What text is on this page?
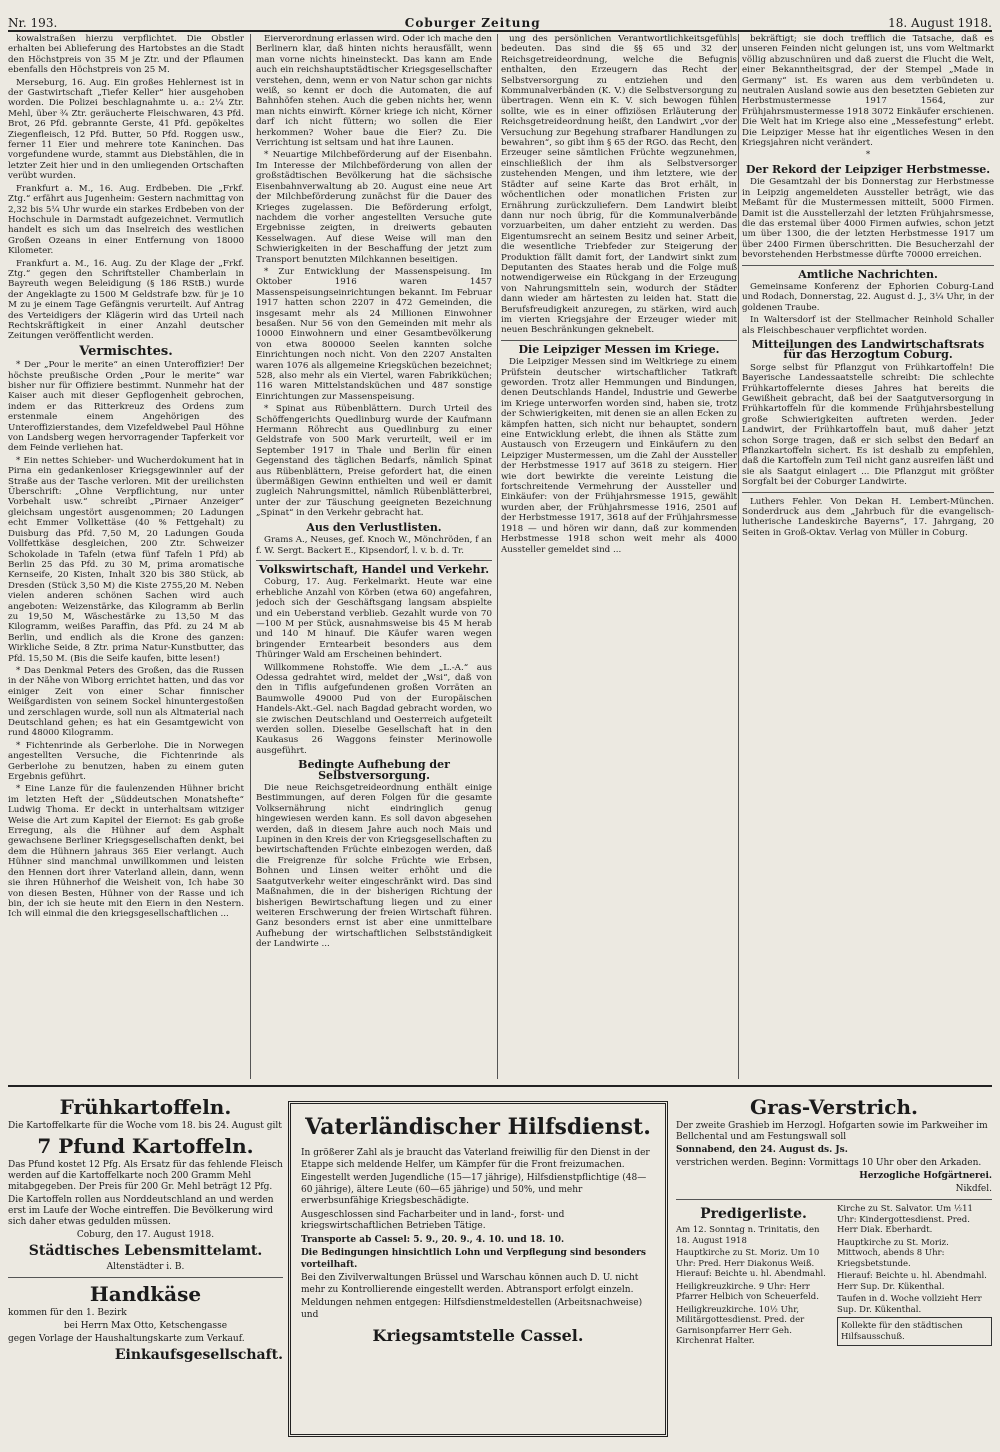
Nr. 193.	Coburger Zeitung	18. August 1918.

kowalstraßen hierzu verpflichtet. Die Obstler erhalten bei Ablieferung des Hartobstes an die Stadt den Höchstpreis von 35 M je Ztr. und der Pflaumen ebenfalls den Höchstpreis von 25 M.

Merseburg, 16. Aug. Ein großes Hehlernest ist in der Gastwirtschaft „Tiefer Keller“ hier ausgehoben worden. Die Polizei beschlagnahmte u. a.: 2¼ Ztr. Mehl, über ¾ Ztr. geräucherte Fleischwaren, 43 Pfd. Brot, 26 Pfd. gebrannte Gerste, 41 Pfd. gepökeltes Ziegenfleisch, 12 Pfd. Butter, 50 Pfd. Roggen usw., ferner 11 Eier und mehrere tote Kaninchen. Das vorgefundene wurde, stammt aus Diebstählen, die in letzter Zeit hier und in den umliegenden Ortschaften verübt wurden.

Frankfurt a. M., 16. Aug. Erdbeben. Die „Frkf. Ztg.“ erfährt aus Jugenheim: Gestern nachmittag von 2,32 bis 5¼ Uhr wurde ein starkes Erdbeben von der Hochschule in Darmstadt aufgezeichnet. Vermutlich handelt es sich um das Inselreich des westlichen Großen Ozeans in einer Entfernung von 18000 Kilometer.

Frankfurt a. M., 16. Aug. Zu der Klage der „Frkf. Ztg.“ gegen den Schriftsteller Chamberlain in Bayreuth wegen Beleidigung (§ 186 RStB.) wurde der Angeklagte zu 1500 M Geldstrafe bzw. für je 10 M zu je einem Tage Gefängnis verurteilt. Auf Antrag des Verteidigers der Klägerin wird das Urteil nach Rechtskräftigkeit in einer Anzahl deutscher Zeitungen veröffentlicht werden.

Vermischtes.

* Der „Pour le merite“ an einen Unteroffizier! Der höchste preußische Orden „Pour le merite“ war bisher nur für Offiziere bestimmt. Nunmehr hat der Kaiser auch mit dieser Gepflogenheit gebrochen, indem er das Ritterkreuz des Ordens zum erstenmale einem Angehörigen des Unteroffizierstandes, dem Vizefeldwebel Paul Höhne von Landsberg wegen hervorragender Tapferkeit vor dem Feinde verliehen hat.

* Ein nettes Schieber- und Wucherdokument hat in Pirna ein gedankenloser Kriegsgewinnler auf der Straße aus der Tasche verloren. Mit der ureilichsten Überschrift: „Ohne Verpflichtung, nur unter Vorbehalt usw.“ schreibt „Pirnaer Anzeiger“ gleichsam ungestört ausgenommen; 20 Ladungen echt Emmer Vollkettäse (40 % Fettgehalt) zu Duisburg das Pfd. 7,50 M, 20 Ladungen Gouda Vollfettkäse desgleichen, 200 Ztr. Schweizer Schokolade in Tafeln (etwa fünf Tafeln 1 Pfd) ab Berlin 25 das Pfd. zu 30 M, prima aromatische Kernseife, 20 Kisten, Inhalt 320 bis 380 Stück, ab Dresden (Stück 3,50 M) die Kiste 2755,20 M. Neben vielen anderen schönen Sachen wird auch angeboten: Weizenstärke, das Kilogramm ab Berlin zu 19,50 M, Wäschestärke zu 13,50 M das Kilogramm, weißes Paraffin, das Pfd. zu 24 M ab Berlin, und endlich als die Krone des ganzen: Wirkliche Seide, 8 Ztr. prima Natur-Kunstbutter, das Pfd. 15,50 M. (Bis die Seife kaufen, bitte lesen!)

* Das Denkmal Peters des Großen, das die Russen in der Nähe von Wiborg errichtet hatten, und das vor einiger Zeit von einer Schar finnischer Weißgardisten von seinem Sockel hinuntergestoßen und zerschlagen wurde, soll nun als Altmaterial nach Deutschland gehen; es hat ein Gesamtgewicht von rund 48000 Kilogramm.

* Fichtenrinde als Gerberlohe. Die in Norwegen angestellten Versuche, die Fichtenrinde als Gerberlohe zu benutzen, haben zu einem guten Ergebnis geführt.

* Eine Lanze für die faulenzenden Hühner bricht im letzten Heft der „Süddeutschen Monatshefte“ Ludwig Thoma. Er deckt in unterhaltsam witziger Weise die Art zum Kapitel der Eiernot: Es gab große Erregung, als die Hühner auf dem Asphalt gewachsene Berliner Kriegsgesellschaften denkt, bei dem die Hühnern jahraus 365 Eier verlangt. Auch Hühner sind manchmal unwillkommen und leisten den Hennen dort ihrer Vaterland allein, dann, wenn sie ihren Hühnerhof die Weisheit von, Ich habe 30 von diesen Besten, Hühner von der Rasse und ich bin, der ich sie heute mit den Eiern in den Nestern. Ich will einmal die den kriegsgesellschaftlichen ...

Eierverordnung erlassen wird. Oder ich mache den Berlinern klar, daß hinten nichts herausfällt, wenn man vorne nichts hineinsteckt. Das kann am Ende auch ein reichshauptstädtischer Kriegsgesellschafter verstehen, denn, wenn er von Natur schon gar nichts weiß, so kennt er doch die Automaten, die auf Bahnhöfen stehen. Auch die geben nichts her, wenn man nichts einwirft. Körner kriege ich nicht, Körner darf ich nicht füttern; wo sollen die Eier herkommen? Woher baue die Eier? Zu. Die Verrichtung ist seltsam und hat ihre Launen.

* Neuartige Milchbeförderung auf der Eisenbahn. Im Interesse der Milchbeförderung von allen der großstädtischen Bevölkerung hat die sächsische Eisenbahnverwaltung ab 20. August eine neue Art der Milchbeförderung zunächst für die Dauer des Krieges zugelassen. Die Beförderung erfolgt, nachdem die vorher angestellten Versuche gute Ergebnisse zeigten, in dreiwerts gebauten Kesselwagen. Auf diese Weise will man den Schwierigkeiten in der Beschaffung der jetzt zum Transport benutzten Milchkannen beseitigen.

* Zur Entwicklung der Massenspeisung. Im Oktober 1916 waren 1457 Massenspeisungseinrichtungen bekannt. Im Februar 1917 hatten schon 2207 in 472 Gemeinden, die insgesamt mehr als 24 Millionen Einwohner besaßen. Nur 56 von den Gemeinden mit mehr als 10000 Einwohnern und einer Gesamtbevölkerung von etwa 800000 Seelen kannten solche Einrichtungen noch nicht. Von den 2207 Anstalten waren 1076 als allgemeine Kriegsküchen bezeichnet; 528, also mehr als ein Viertel, waren Fabrikküchen; 116 waren Mittelstandsküchen und 487 sonstige Einrichtungen zur Massenspeisung.

* Spinat aus Rübenblättern. Durch Urteil des Schöffengerichts Quedlinburg wurde der Kaufmann Hermann Röhrecht aus Quedlinburg zu einer Geldstrafe von 500 Mark verurteilt, weil er im September 1917 in Thale und Berlin für einen Gegenstand des täglichen Bedarfs, nämlich Spinat aus Rübenblättern, Preise gefordert hat, die einen übermäßigen Gewinn enthielten und weil er damit zugleich Nahrungsmittel, nämlich Rübenblätterbrei, unter der zur Täuschung geeigneten Bezeichnung „Spinat“ in den Verkehr gebracht hat.

Aus den Verlustlisten.

Grams A., Neuses, gef. Knoch W., Mönchröden, f an f. W. Sergt. Backert E., Kipsendorf, l. v. b. d. Tr.

Volkswirtschaft, Handel und Verkehr.

Coburg, 17. Aug. Ferkelmarkt. Heute war eine erhebliche Anzahl von Körben (etwa 60) angefahren, jedoch sich der Geschäftsgang langsam abspielte und ein Ueberstand verblieb. Gezahlt wurde von 70—100 M per Stück, ausnahmsweise bis 45 M herab und 140 M hinauf. Die Käufer waren wegen bringender Erntearbeit besonders aus dem Thüringer Wald am Erscheinen behindert.

Willkommene Rohstoffe. Wie dem „L.-A.“ aus Odessa gedrahtet wird, meldet der „Wsi“, daß von den in Tiflis aufgefundenen großen Vorräten an Baumwolle 49000 Pud von der Europäischen Handels-Akt.-Gel. nach Bagdad gebracht worden, wo sie zwischen Deutschland und Oesterreich aufgeteilt werden sollen. Dieselbe Gesellschaft hat in den Kaukasus 26 Waggons feinster Merinowolle ausgeführt.

Bedingte Aufhebung der Selbstversorgung.

Die neue Reichsgetreideordnung enthält einige Bestimmungen, auf deren Folgen für die gesamte Volksernährung nicht eindringlich genug hingewiesen werden kann. Es soll davon abgesehen werden, daß in diesem Jahre auch noch Mais und Lupinen in den Kreis der von Kriegsgesellschaften zu bewirtschaftenden Früchte einbezogen werden, daß die Freigrenze für solche Früchte wie Erbsen, Bohnen und Linsen weiter erhöht und die Saatgutverkehr weiter eingeschränkt wird. Das sind Maßnahmen, die in der bisherigen Richtung der bisherigen Bewirtschaftung liegen und zu einer weiteren Erschwerung der freien Wirtschaft führen. Ganz besonders ernst ist aber eine unmittelbare Aufhebung der wirtschaftlichen Selbstständigkeit der Landwirte ...

ung des persönlichen Verantwortlichkeitsgefühls bedeuten. Das sind die §§ 65 und 32 der Reichsgetreideordnung, welche die Befugnis enthalten, den Erzeugern das Recht der Selbstversorgung zu entziehen und den Kommunalverbänden (K. V.) die Selbstversorgung zu übertragen. Wenn ein K. V. sich bewogen fühlen sollte, wie es in einer offiziösen Erläuterung der Reichsgetreideordnung heißt, den Landwirt „vor der Versuchung zur Begehung strafbarer Handlungen zu bewahren“, so gibt ihm § 65 der RGO. das Recht, den Erzeuger seine sämtlichen Früchte wegzunehmen, einschließlich der ihm als Selbstversorger zustehenden Mengen, und ihm letztere, wie der Städter auf seine Karte das Brot erhält, in wöchentlichen oder monatlichen Fristen zur Ernährung zurückzuliefern. Dem Landwirt bleibt dann nur noch übrig, für die Kommunalverbände vorzuarbeiten, um daher entzieht zu werden. Das Eigentumsrecht an seinem Besitz und seiner Arbeit, die wesentliche Triebfeder zur Steigerung der Produktion fällt damit fort, der Landwirt sinkt zum Deputanten des Staates herab und die Folge muß notwendigerweise ein Rückgang in der Erzeugung von Nahrungsmitteln sein, wodurch der Städter dann wieder am härtesten zu leiden hat. Statt die Berufsfreudigkeit anzuregen, zu stärken, wird auch im vierten Kriegsjahre der Erzeuger wieder mit neuen Beschränkungen geknebelt.

Die Leipziger Messen im Kriege.

Die Leipziger Messen sind im Weltkriege zu einem Prüfstein deutscher wirtschaftlicher Tatkraft geworden. Trotz aller Hemmungen und Bindungen, denen Deutschlands Handel, Industrie und Gewerbe im Kriege unterworfen worden sind, haben sie, trotz der Schwierigkeiten, mit denen sie an allen Ecken zu kämpfen hatten, sich nicht nur behauptet, sondern eine Entwicklung erlebt, die ihnen als Stätte zum Austausch von Erzeugern und Einkäufern zu den Leipziger Mustermessen, um die Zahl der Aussteller der Herbstmesse 1917 auf 3618 zu steigern. Hier wie dort bewirkte die vereinte Leistung die fortschreitende Vermehrung der Aussteller und Einkäufer: von der Frühjahrsmesse 1915, gewählt wurden aber, der Frühjahrsmesse 1916, 2501 auf der Herbstmesse 1917, 3618 auf der Frühjahrsmesse 1918 — und hören wir dann, daß zur kommenden Herbstmesse 1918 schon weit mehr als 4000 Aussteller gemeldet sind ...

bekräftigt; sie doch trefflich die Tatsache, daß es unseren Feinden nicht gelungen ist, uns vom Weltmarkt völlig abzuschnüren und daß zuerst die Flucht die Welt, einer Bekanntheitsgrad, der der Stempel „Made in Germany“ ist. Es waren aus dem verbündeten u. neutralen Ausland sowie aus den besetzten Gebieten zur Herbstmustermesse 1917 1564, zur Frühjahrsmustermesse 1918 3072 Einkäufer erschienen. Die Welt hat im Kriege also eine „Messefestung“ erlebt. Die Leipziger Messe hat ihr eigentliches Wesen in den Kriegsjahren nicht verändert.

*
Der Rekord der Leipziger Herbstmesse.

Die Gesamtzahl der bis Donnerstag zur Herbstmesse in Leipzig angemeldeten Aussteller beträgt, wie das Meßamt für die Mustermessen mitteilt, 5000 Firmen. Damit ist die Ausstellerzahl der letzten Frühjahrsmesse, die das erstemal über 4000 Firmen aufwies, schon jetzt um über 1300, die der letzten Herbstmesse 1917 um über 2400 Firmen überschritten. Die Besucherzahl der bevorstehenden Herbstmesse dürfte 70000 erreichen.

Amtliche Nachrichten.

Gemeinsame Konferenz der Ephorien Coburg-Land und Rodach, Donnerstag, 22. August d. J., 3¼ Uhr, in der goldenen Traube.

In Waltersdorf ist der Stellmacher Reinhold Schaller als Fleischbeschauer verpflichtet worden.

Mitteilungen des Landwirtschaftsrats für das Herzogtum Coburg.

Sorge selbst für Pflanzgut von Frühkartoffeln! Die Bayerische Landessaatstelle schreibt: Die schlechte Frühkartoffelernte dieses Jahres hat bereits die Gewißheit gebracht, daß bei der Saatgutversorgung in Frühkartoffeln für die kommende Frühjahrsbestellung große Schwierigkeiten auftreten werden. Jeder Landwirt, der Frühkartoffeln baut, muß daher jetzt schon Sorge tragen, daß er sich selbst den Bedarf an Pflanzkartoffeln sichert. Es ist deshalb zu empfehlen, daß die Kartoffeln zum Teil nicht ganz ausreifen läßt und sie als Saatgut einlagert ... Die Pflanzgut mit größter Sorgfalt bei der Coburger Landwirte.

Luthers Fehler. Von Dekan H. Lembert-München. Sonderdruck aus dem „Jahrbuch für die evangelisch-lutherische Landeskirche Bayerns“, 17. Jahrgang, 20 Seiten in Groß-Oktav. Verlag von Müller in Coburg.

Frühkartoffeln.

Die Kartoffelkarte für die Woche vom 18. bis 24. August gilt

7 Pfund Kartoffeln.

Das Pfund kostet 12 Pfg. Als Ersatz für das fehlende Fleisch werden auf die Kartoffelkarte noch 200 Gramm Mehl mitabgegeben. Der Preis für 200 Gr. Mehl beträgt 12 Pfg.

Die Kartoffeln rollen aus Norddeutschland an und werden erst im Laufe der Woche eintreffen. Die Bevölkerung wird sich daher etwas gedulden müssen.

Coburg, den 17. August 1918.

Städtisches Lebensmittelamt.

Altenstädter i. B.

Handkäse

kommen für den 1. Bezirk

bei Herrn Max Otto, Ketschengasse

gegen Vorlage der Haushaltungskarte zum Verkauf.

Einkaufsgesellschaft.
Vaterländischer Hilfsdienst.

In größerer Zahl als je braucht das Vaterland freiwillig für den Dienst in der Etappe sich meldende Helfer, um Kämpfer für die Front freizumachen.

Eingestellt werden Jugendliche (15—17 jährige), Hilfsdienstpflichtige (48—60 jährige), ältere Leute (60—65 jährige) und 50%, und mehr erwerbsunfähige Kriegsbeschädigte.

Ausgeschlossen sind Facharbeiter und in land-, forst- und kriegswirtschaftlichen Betrieben Tätige.

Transporte ab Cassel: 5. 9., 20. 9., 4. 10. und 18. 10.

Die Bedingungen hinsichtlich Lohn und Verpflegung sind besonders vorteilhaft.

Bei den Zivilverwaltungen Brüssel und Warschau können auch D. U. nicht mehr zu Kontrollierende eingestellt werden. Abtransport erfolgt einzeln.

Meldungen nehmen entgegen: Hilfsdienstmeldestellen (Arbeitsnachweise) und

Kriegsamtstelle Cassel.
Gras-Verstrich.

Der zweite Grashieb im Herzogl. Hofgarten sowie im Parkweiher im Bellchental und am Festungswall soll

Sonnabend, den 24. August ds. Js.

verstrichen werden. Beginn: Vormittags 10 Uhr ober den Arkaden.

Herzogliche Hofgärtnerei.

Nikdfel.

Predigerliste.

Am 12. Sonntag n. Trinitatis, den 18. August 1918

Hauptkirche zu St. Moriz. Um 10 Uhr: Pred. Herr Diakonus Weiß. Hierauf: Beichte u. hl. Abendmahl.

Heiligkreuzkirche. 9 Uhr: Herr Pfarrer Helbich von Scheuerfeld.

Heiligkreuzkirche. 10½ Uhr, Militärgottesdienst. Pred. der Garnisonpfarrer Herr Geh. Kirchenrat Halter.

Kirche zu St. Salvator. Um ½11 Uhr: Kindergottesdienst. Pred. Herr Diak. Eberhardt.

Hauptkirche zu St. Moriz. Mittwoch, abends 8 Uhr: Kriegsbetstunde.

Hierauf: Beichte u. hl. Abendmahl. Herr Sup. Dr. Kükenthal.

Taufen in d. Woche vollzieht Herr Sup. Dr. Kükenthal.

Kollekte für den städtischen Hilfsausschuß.
